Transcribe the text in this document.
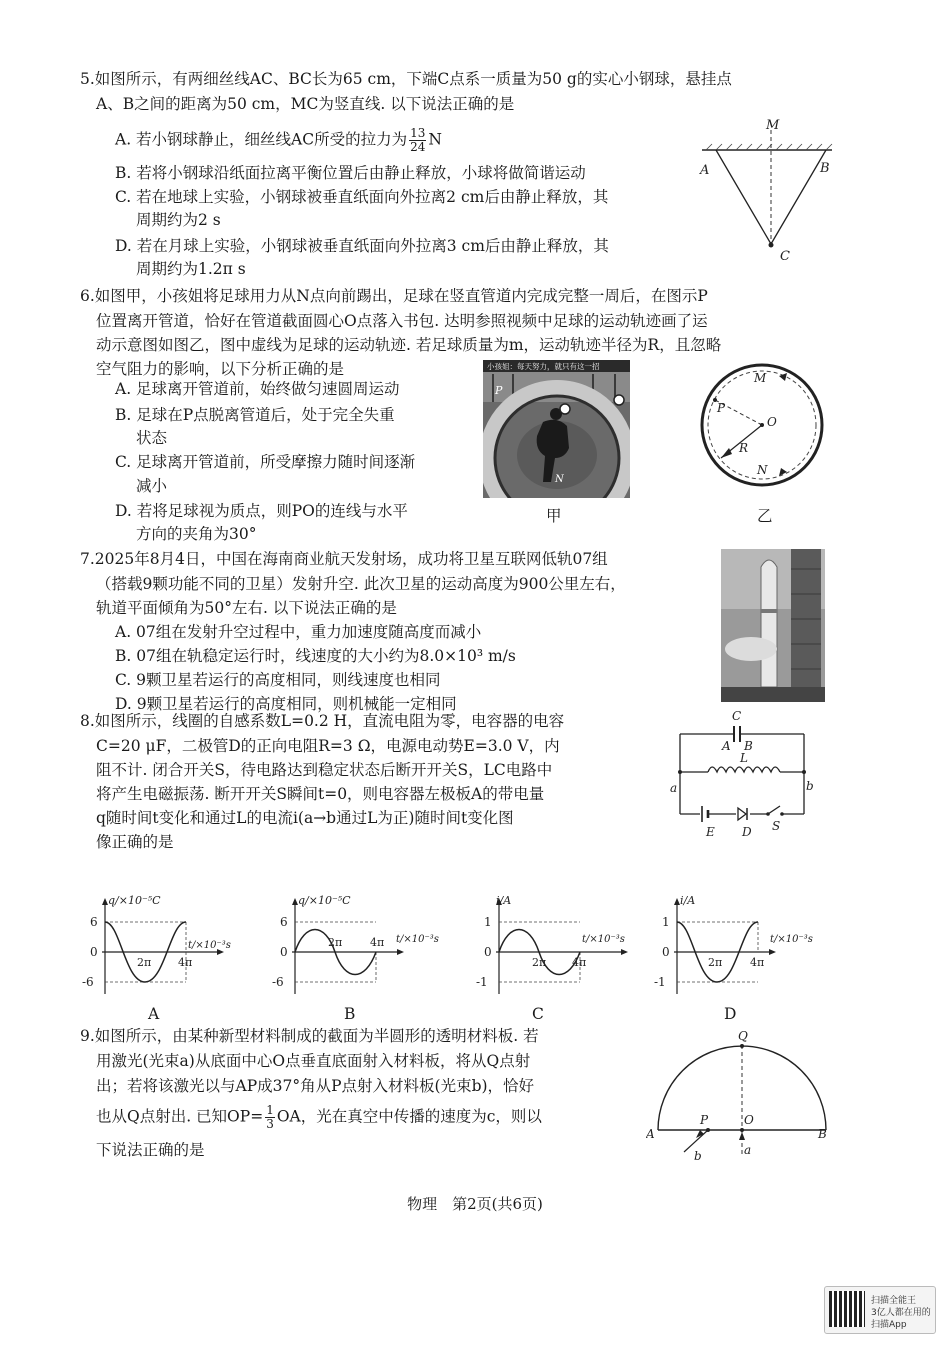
5.如图所示，有两细丝线AC、BC长为65 cm，下端C点系一质量为50 g的实心小钢球，悬挂点
A、B之间的距离为50 cm，MC为竖直线. 以下说法正确的是
A. 若小钢球静止，细丝线AC所受的拉力为 $\frac{13}{24}$ N
B. 若将小钢球沿纸面拉离平衡位置后由静止释放，小球将做简谐运动
C. 若在地球上实验，小钢球被垂直纸面向外拉离2 cm后由静止释放，其
周期约为2 s
D. 若在月球上实验，小钢球被垂直纸面向外拉离3 cm后由静止释放，其
周期约为1.2π s
M
A	B
C
6.如图甲，小孩姐将足球用力从N点向前踢出，足球在竖直管道内完成完整一周后，在图示P
位置离开管道，恰好在管道截面圆心O点落入书包. 达明参照视频中足球的运动轨迹画了运
动示意图如图乙，图中虚线为足球的运动轨迹. 若足球质量为m，运动轨迹半径为R，且忽略
空气阻力的影响，以下分析正确的是
A. 足球离开管道前，始终做匀速圆周运动
B. 足球在P点脱离管道后，处于完全失重
状态
C. 足球离开管道前，所受摩擦力随时间逐渐
减小
D. 若将足球视为质点，则PO的连线与水平
方向的夹角为30°
小孩姐：每天努力，就只有这一招
P
N
甲
M
P
O
R
N
乙
7.2025年8月4日，中国在海南商业航天发射场，成功将卫星互联网低轨07组
（搭载9颗功能不同的卫星）发射升空. 此次卫星的运动高度为900公里左右，
轨道平面倾角为50°左右. 以下说法正确的是
A. 07组在发射升空过程中，重力加速度随高度而减小
B. 07组在轨稳定运行时，线速度的大小约为8.0×10³ m/s
C. 9颗卫星若运行的高度相同，则线速度也相同
D. 9颗卫星若运行的高度相同，则机械能一定相同
8.如图所示，线圈的自感系数L=0.2 H，直流电阻为零，电容器的电容
C=20 μF，二极管D的正向电阻R=3 Ω，电源电动势E=3.0 V，内
阻不计. 闭合开关S，待电路达到稳定状态后断开开关S，LC电路中
将产生电磁振荡. 断开开关S瞬间t=0，则电容器左极板A的带电量
q随时间t变化和通过L的电流i(a→b通过L为正)随时间t变化图
像正确的是
C
A B
L
a	b
E D S
q/×10⁻⁵C
t/×10⁻³s
6
0
-6
2π 4π
A
q/×10⁻⁵C
t/×10⁻³s
6
0
-6
2π	4π
B
i/A
t/×10⁻³s
1
0
-1
2π 4π
C
i/A
t/×10⁻³s
1
0
-1
2π	4π
D
9.如图所示，由某种新型材料制成的截面为半圆形的透明材料板. 若
用激光(光束a)从底面中心O点垂直底面射入材料板，将从Q点射
出；若将该激光以与AP成37°角从P点射入材料板(光束b)，恰好
也从Q点射出. 已知$OP= \frac{1}{3}$ OA，光在真空中传播的速度为c，则以
下说法正确的是
Q
A
P	O
B
a
b
物理　第2页(共6页)
扫描全能王
3亿人都在用的扫描App
